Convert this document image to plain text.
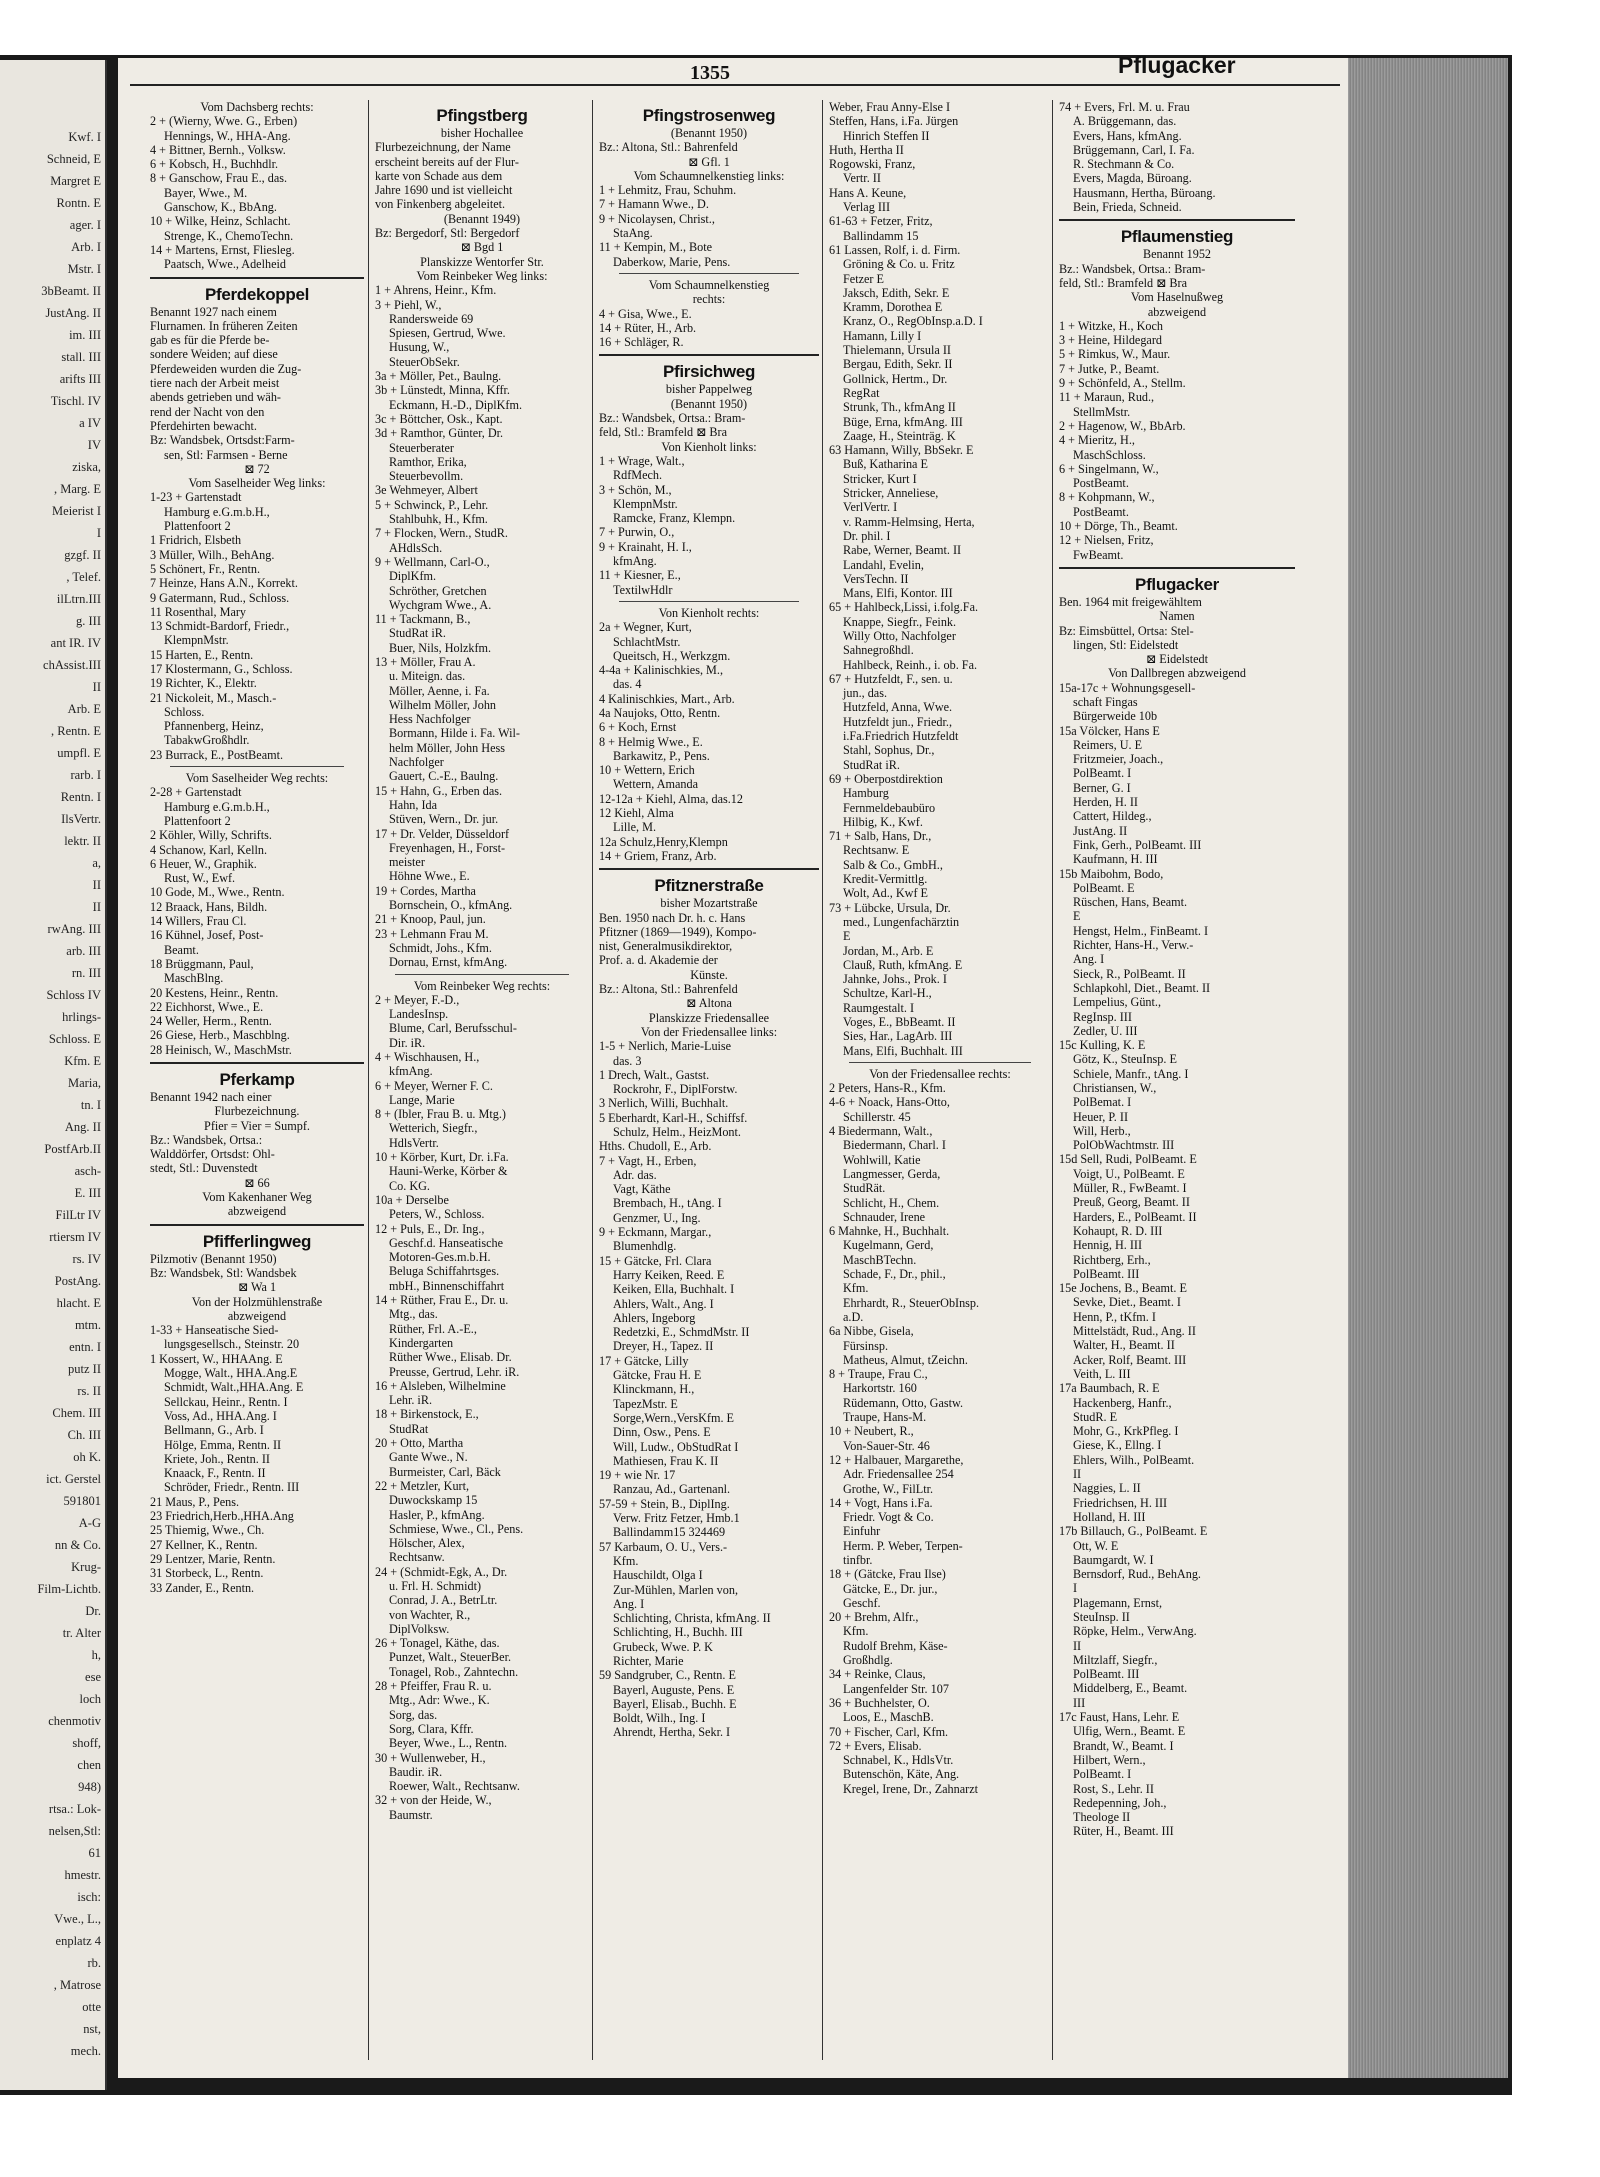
Kwf. I
Schneid, E
Margret E
Rontn. E
ager. I
Arb. I
Mstr. I
3bBeamt. II
JustAng. II
im. III
stall. III
arifts III
Tischl. IV
a IV
IV
ziska,
, Marg. E
Meierist I
I
gzgf. II
, Telef.
ilLtrn.III
g. III
ant IR. IV
chAssist.III
II
Arb. E
, Rentn. E
umpfl. E
rarb. I
Rentn. I
IlsVertr.
lektr. II
a,
II
II
rwAng. III
arb. III
rn. III
Schloss IV
hrlings-
Schloss. E
Kfm. E
Maria,
tn. I
Ang. II
PostfArb.II
asch-
E. III
FilLtr IV
rtiersm IV
rs. IV
PostAng.
hlacht. E
mtm.
entn. I
putz II
rs. II
Chem. III
Ch. III
oh K.
ict. Gerstel
591801
A-G
nn & Co.
Krug-
Film-Lichtb.
Dr.
tr. Alter
h,
ese
loch
chenmotiv
shoff,
chen
948)
rtsa.: Lok-
nelsen,Stl:
61
hmestr.
isch:
Vwe., L.,
enplatz 4
rb.
, Matrose
otte
nst,
mech.
1355	Pflugacker
Vom Dachsberg rechts:
2 + (Wierny, Wwe. G., Erben)
Hennings, W., HHA-Ang.
4 + Bittner, Bernh., Volksw.
6 + Kobsch, H., Buchhdlr.
8 + Ganschow, Frau E., das.
Bayer, Wwe., M.
Ganschow, K., BbAng.
10 + Wilke, Heinz, Schlacht.
Strenge, K., ChemoTechn.
14 + Martens, Ernst, Fliesleg.
Paatsch, Wwe., Adelheid
Pferdekoppel
Benannt 1927 nach einem
Flurnamen. In früheren Zeiten
gab es für die Pferde be-
sondere Weiden; auf diese
Pferdeweiden wurden die Zug-
tiere nach der Arbeit meist
abends getrieben und wäh-
rend der Nacht von den
Pferdehirten bewacht.
Bz: Wandsbek, Ortsdst:Farm-
sen, Stl: Farmsen - Berne
⊠ 72
Vom Saselheider Weg links:
1-23 + Gartenstadt
Hamburg e.G.m.b.H.,
Plattenfoort 2
1 Fridrich, Elsbeth
3 Müller, Wilh., BehAng.
5 Schönert, Fr., Rentn.
7 Heinze, Hans A.N., Korrekt.
9 Gatermann, Rud., Schloss.
11 Rosenthal, Mary
13 Schmidt-Bardorf, Friedr.,
KlempnMstr.
15 Harten, E., Rentn.
17 Klostermann, G., Schloss.
19 Richter, K., Elektr.
21 Nickoleit, M., Masch.-
Schloss.
Pfannenberg, Heinz,
TabakwGroßhdlr.
23 Burrack, E., PostBeamt.
Vom Saselheider Weg rechts:
2-28 + Gartenstadt
Hamburg e.G.m.b.H.,
Plattenfoort 2
2 Köhler, Willy, Schrifts.
4 Schanow, Karl, Kelln.
6 Heuer, W., Graphik.
Rust, W., Ewf.
10 Gode, M., Wwe., Rentn.
12 Braack, Hans, Bildh.
14 Willers, Frau Cl.
16 Kühnel, Josef, Post-
Beamt.
18 Brüggmann, Paul,
MaschBlng.
20 Kestens, Heinr., Rentn.
22 Eichhorst, Wwe., E.
24 Weller, Herm., Rentn.
26 Giese, Herb., Maschblng.
28 Heinisch, W., MaschMstr.
Pferkamp
Benannt 1942 nach einer
Flurbezeichnung.
Pfier = Vier = Sumpf.
Bz.: Wandsbek, Ortsa.:
Walddörfer, Ortsdst: Ohl-
stedt, Stl.: Duvenstedt
⊠ 66
Vom Kakenhaner Weg
abzweigend
Pfifferlingweg
Pilzmotiv (Benannt 1950)
Bz: Wandsbek, Stl: Wandsbek
⊠ Wa 1
Von der Holzmühlenstraße
abzweigend
1-33 + Hanseatische Sied-
lungsgesellsch., Steinstr. 20
1 Kossert, W., HHAAng. E
Mogge, Walt., HHA.Ang.E
Schmidt, Walt.,HHA.Ang. E
Sellckau, Heinr., Rentn. I
Voss, Ad., HHA.Ang. I
Bellmann, G., Arb. I
Hölge, Emma, Rentn. II
Kriete, Joh., Rentn. II
Knaack, F., Rentn. II
Schröder, Friedr., Rentn. III
21 Maus, P., Pens.
23 Friedrich,Herb.,HHA.Ang
25 Thiemig, Wwe., Ch.
27 Kellner, K., Rentn.
29 Lentzer, Marie, Rentn.
31 Storbeck, L., Rentn.
33 Zander, E., Rentn.
Pfingstberg
bisher Hochallee
Flurbezeichnung, der Name
erscheint bereits auf der Flur-
karte von Schade aus dem
Jahre 1690 und ist vielleicht
von Finkenberg abgeleitet.
(Benannt 1949)
Bz: Bergedorf, Stl: Bergedorf
⊠ Bgd 1
Planskizze Wentorfer Str.
Vom Reinbeker Weg links:
1 + Ahrens, Heinr., Kfm.
3 + Piehl, W.,
Randersweide 69
Spiesen, Gertrud, Wwe.
Husung, W.,
SteuerObSekr.
3a + Möller, Pet., Baulng.
3b + Lünstedt, Minna, Kffr.
Eckmann, H.-D., DiplKfm.
3c + Böttcher, Osk., Kapt.
3d + Ramthor, Günter, Dr.
Steuerberater
Ramthor, Erika,
Steuerbevollm.
3e Wehmeyer, Albert
5 + Schwinck, P., Lehr.
Stahlbuhk, H., Kfm.
7 + Flocken, Wern., StudR.
AHdlsSch.
9 + Wellmann, Carl-O.,
DiplKfm.
Schröther, Gretchen
Wychgram Wwe., A.
11 + Tackmann, B.,
StudRat iR.
Buer, Nils, Holzkfm.
13 + Möller, Frau A.
u. Miteign. das.
Möller, Aenne, i. Fa.
Wilhelm Möller, John
Hess Nachfolger
Bormann, Hilde i. Fa. Wil-
helm Möller, John Hess
Nachfolger
Gauert, C.-E., Baulng.
15 + Hahn, G., Erben das.
Hahn, Ida
Stüven, Wern., Dr. jur.
17 + Dr. Velder, Düsseldorf
Freyenhagen, H., Forst-
meister
Höhne Wwe., E.
19 + Cordes, Martha
Bornschein, O., kfmAng.
21 + Knoop, Paul, jun.
23 + Lehmann Frau M.
Schmidt, Johs., Kfm.
Dornau, Ernst, kfmAng.
Vom Reinbeker Weg rechts:
2 + Meyer, F.-D.,
LandesInsp.
Blume, Carl, Berufsschul-
Dir. iR.
4 + Wischhausen, H.,
kfmAng.
6 + Meyer, Werner F. C.
Lange, Marie
8 + (Ibler, Frau B. u. Mtg.)
Wetterich, Siegfr.,
HdlsVertr.
10 + Körber, Kurt, Dr. i.Fa.
Hauni-Werke, Körber &
Co. KG.
10a + Derselbe
Peters, W., Schloss.
12 + Puls, E., Dr. Ing.,
Geschf.d. Hanseatische
Motoren-Ges.m.b.H.
Beluga Schiffahrtsges.
mbH., Binnenschiffahrt
14 + Rüther, Frau E., Dr. u.
Mtg., das.
Rüther, Frl. A.-E.,
Kindergarten
Rüther Wwe., Elisab. Dr.
Preusse, Gertrud, Lehr. iR.
16 + Alsleben, Wilhelmine
Lehr. iR.
18 + Birkenstock, E.,
StudRat
20 + Otto, Martha
Gante Wwe., N.
Burmeister, Carl, Bäck
22 + Metzler, Kurt,
Duwockskamp 15
Hasler, P., kfmAng.
Schmiese, Wwe., Cl., Pens.
Hölscher, Alex,
Rechtsanw.
24 + (Schmidt-Egk, A., Dr.
u. Frl. H. Schmidt)
Conrad, J. A., BetrLtr.
von Wachter, R.,
DiplVolksw.
26 + Tonagel, Käthe, das.
Punzet, Walt., SteuerBer.
Tonagel, Rob., Zahntechn.
28 + Pfeiffer, Frau R. u.
Mtg., Adr: Wwe., K.
Sorg, das.
Sorg, Clara, Kffr.
Beyer, Wwe., L., Rentn.
30 + Wullenweber, H.,
Baudir. iR.
Roewer, Walt., Rechtsanw.
32 + von der Heide, W.,
Baumstr.
Pfingstrosenweg
(Benannt 1950)
Bz.: Altona, Stl.: Bahrenfeld
⊠ Gfl. 1
Vom Schaumnelkenstieg links:
1 + Lehmitz, Frau, Schuhm.
7 + Hamann Wwe., D.
9 + Nicolaysen, Christ.,
StaAng.
11 + Kempin, M., Bote
Daberkow, Marie, Pens.
Vom Schaumnelkenstieg
rechts:
4 + Gisa, Wwe., E.
14 + Rüter, H., Arb.
16 + Schläger, R.
Pfirsichweg
bisher Pappelweg
(Benannt 1950)
Bz.: Wandsbek, Ortsa.: Bram-
feld, Stl.: Bramfeld ⊠ Bra
Von Kienholt links:
1 + Wrage, Walt.,
RdfMech.
3 + Schön, M.,
KlempnMstr.
Ramcke, Franz, Klempn.
7 + Purwin, O.,
9 + Krainaht, H. I.,
kfmAng.
11 + Kiesner, E.,
TextilwHdlr
Von Kienholt rechts:
2a + Wegner, Kurt,
SchlachtMstr.
Queitsch, H., Werkzgm.
4-4a + Kalinischkies, M.,
das. 4
4 Kalinischkies, Mart., Arb.
4a Naujoks, Otto, Rentn.
6 + Koch, Ernst
8 + Helmig Wwe., E.
Barkawitz, P., Pens.
10 + Wettern, Erich
Wettern, Amanda
12-12a + Kiehl, Alma, das.12
12 Kiehl, Alma
Lille, M.
12a Schulz,Henry,Klempn
14 + Griem, Franz, Arb.
Pfitznerstraße
bisher Mozartstraße
Ben. 1950 nach Dr. h. c. Hans
Pfitzner (1869—1949), Kompo-
nist, Generalmusikdirektor,
Prof. a. d. Akademie der
Künste.
Bz.: Altona, Stl.: Bahrenfeld
⊠ Altona
Planskizze Friedensallee
Von der Friedensallee links:
1-5 + Nerlich, Marie-Luise
das. 3
1 Drech, Walt., Gastst.
Rockrohr, F., DiplForstw.
3 Nerlich, Willi, Buchhalt.
5 Eberhardt, Karl-H., Schiffsf.
Schulz, Helm., HeizMont.
Hths. Chudoll, E., Arb.
7 + Vagt, H., Erben,
Adr. das.
Vagt, Käthe
Brembach, H., tAng. I
Genzmer, U., Ing.
9 + Eckmann, Margar.,
Blumenhdlg.
15 + Gätcke, Frl. Clara
Harry Keiken, Reed. E
Keiken, Ella, Buchhalt. I
Ahlers, Walt., Ang. I
Ahlers, Ingeborg
Redetzki, E., SchmdMstr. II
Dreyer, H., Tapez. II
17 + Gätcke, Lilly
Gätcke, Frau H. E
Klinckmann, H.,
TapezMstr. E
Sorge,Wern.,VersKfm. E
Dinn, Osw., Pens. E
Will, Ludw., ObStudRat I
Mathiesen, Frau K. II
19 + wie Nr. 17
Ranzau, Ad., Gartenanl.
57-59 + Stein, B., DiplIng.
Verw. Fritz Fetzer, Hmb.1
Ballindamm15 324469
57 Karbaum, O. U., Vers.-
Kfm.
Hauschildt, Olga I
Zur-Mühlen, Marlen von,
Ang. I
Schlichting, Christa, kfmAng. II
Schlichting, H., Buchh. III
Grubeck, Wwe. P. K
Richter, Marie
59 Sandgruber, C., Rentn. E
Bayerl, Auguste, Pens. E
Bayerl, Elisab., Buchh. E
Boldt, Wilh., Ing. I
Ahrendt, Hertha, Sekr. I
Weber, Frau Anny-Else I
Steffen, Hans, i.Fa. Jürgen
Hinrich Steffen II
Huth, Hertha II
Rogowski, Franz,
Vertr. II
Hans A. Keune,
Verlag III
61-63 + Fetzer, Fritz,
Ballindamm 15
61 Lassen, Rolf, i. d. Firm.
Gröning & Co. u. Fritz
Fetzer E
Jaksch, Edith, Sekr. E
Kramm, Dorothea E
Kranz, O., RegObInsp.a.D. I
Hamann, Lilly I
Thielemann, Ursula II
Bergau, Edith, Sekr. II
Gollnick, Hertm., Dr.
RegRat
Strunk, Th., kfmAng II
Büge, Erna, kfmAng. III
Zaage, H., Steinträg. K
63 Hamann, Willy, BbSekr. E
Buß, Katharina E
Stricker, Kurt I
Stricker, Anneliese,
VerlVertr. I
v. Ramm-Helmsing, Herta,
Dr. phil. I
Rabe, Werner, Beamt. II
Landahl, Evelin,
VersTechn. II
Mans, Elfi, Kontor. III
65 + Hahlbeck,Lissi, i.folg.Fa.
Knappe, Siegfr., Feink.
Willy Otto, Nachfolger
Sahnegroßhdl.
Hahlbeck, Reinh., i. ob. Fa.
67 + Hutzfeldt, F., sen. u.
jun., das.
Hutzfeld, Anna, Wwe.
Hutzfeldt jun., Friedr.,
i.Fa.Friedrich Hutzfeldt
Stahl, Sophus, Dr.,
StudRat iR.
69 + Oberpostdirektion
Hamburg
Fernmeldebaubüro
Hilbig, K., Kwf.
71 + Salb, Hans, Dr.,
Rechtsanw. E
Salb & Co., GmbH.,
Kredit-Vermittlg.
Wolt, Ad., Kwf E
73 + Lübcke, Ursula, Dr.
med., Lungenfachärztin
E
Jordan, M., Arb. E
Clauß, Ruth, kfmAng. E
Jahnke, Johs., Prok. I
Schultze, Karl-H.,
Raumgestalt. I
Voges, E., BbBeamt. II
Sies, Har., LagArb. III
Mans, Elfi, Buchhalt. III
Von der Friedensallee rechts:
2 Peters, Hans-R., Kfm.
4-6 + Noack, Hans-Otto,
Schillerstr. 45
4 Biedermann, Walt.,
Biedermann, Charl. I
Wohlwill, Katie
Langmesser, Gerda,
StudRät.
Schlicht, H., Chem.
Schnauder, Irene
6 Mahnke, H., Buchhalt.
Kugelmann, Gerd,
MaschBTechn.
Schade, F., Dr., phil.,
Kfm.
Ehrhardt, R., SteuerObInsp.
a.D.
6a Nibbe, Gisela,
Fürsinsp.
Matheus, Almut, tZeichn.
8 + Traupe, Frau C.,
Harkortstr. 160
Rüdemann, Otto, Gastw.
Traupe, Hans-M.
10 + Neubert, R.,
Von-Sauer-Str. 46
12 + Halbauer, Margarethe,
Adr. Friedensallee 254
Grothe, W., FilLtr.
14 + Vogt, Hans i.Fa.
Friedr. Vogt & Co.
Einfuhr
Herm. P. Weber, Terpen-
tinfbr.
18 + (Gätcke, Frau Ilse)
Gätcke, E., Dr. jur.,
Geschf.
20 + Brehm, Alfr.,
Kfm.
Rudolf Brehm, Käse-
Großhdlg.
34 + Reinke, Claus,
Langenfelder Str. 107
36 + Buchhelster, O.
Loos, E., MaschB.
70 + Fischer, Carl, Kfm.
72 + Evers, Elisab.
Schnabel, K., HdlsVtr.
Butenschön, Käte, Ang.
Kregel, Irene, Dr., Zahnarzt
74 + Evers, Frl. M. u. Frau
A. Brüggemann, das.
Evers, Hans, kfmAng.
Brüggemann, Carl, I. Fa.
R. Stechmann & Co.
Evers, Magda, Büroang.
Hausmann, Hertha, Büroang.
Bein, Frieda, Schneid.
Pflaumenstieg
Benannt 1952
Bz.: Wandsbek, Ortsa.: Bram-
feld, Stl.: Bramfeld ⊠ Bra
Vom Haselnußweg
abzweigend
1 + Witzke, H., Koch
3 + Heine, Hildegard
5 + Rimkus, W., Maur.
7 + Jutke, P., Beamt.
9 + Schönfeld, A., Stellm.
11 + Maraun, Rud.,
StellmMstr.
2 + Hagenow, W., BbArb.
4 + Mieritz, H.,
MaschSchloss.
6 + Singelmann, W.,
PostBeamt.
8 + Kohpmann, W.,
PostBeamt.
10 + Dörge, Th., Beamt.
12 + Nielsen, Fritz,
FwBeamt.
Pflugacker
Ben. 1964 mit freigewähltem
Namen
Bz: Eimsbüttel, Ortsa: Stel-
lingen, Stl: Eidelstedt
⊠ Eidelstedt
Von Dallbregen abzweigend
15a-17c + Wohnungsgesell-
schaft Fingas
Bürgerweide 10b
15a Völcker, Hans E
Reimers, U. E
Fritzmeier, Joach.,
PolBeamt. I
Berner, G. I
Herden, H. II
Cattert, Hildeg.,
JustAng. II
Fink, Gerh., PolBeamt. III
Kaufmann, H. III
15b Maibohm, Bodo,
PolBeamt. E
Rüschen, Hans, Beamt.
E
Hengst, Helm., FinBeamt. I
Richter, Hans-H., Verw.-
Ang. I
Sieck, R., PolBeamt. II
Schlapkohl, Diet., Beamt. II
Lempelius, Günt.,
RegInsp. III
Zedler, U. III
15c Kulling, K. E
Götz, K., SteuInsp. E
Schiele, Manfr., tAng. I
Christiansen, W.,
PolBemat. I
Heuer, P. II
Will, Herb.,
PolObWachtmstr. III
15d Sell, Rudi, PolBeamt. E
Voigt, U., PolBeamt. E
Müller, R., FwBeamt. I
Preuß, Georg, Beamt. II
Harders, E., PolBeamt. II
Kohaupt, R. D. III
Hennig, H. III
Richtberg, Erh.,
PolBeamt. III
15e Jochens, B., Beamt. E
Sevke, Diet., Beamt. I
Henn, P., tKfm. I
Mittelstädt, Rud., Ang. II
Walter, H., Beamt. II
Acker, Rolf, Beamt. III
Veith, L. III
17a Baumbach, R. E
Hackenberg, Hanfr.,
StudR. E
Mohr, G., KrkPfleg. I
Giese, K., Ellng. I
Ehlers, Wilh., PolBeamt.
II
Naggies, L. II
Friedrichsen, H. III
Holland, H. III
17b Billauch, G., PolBeamt. E
Ott, W. E
Baumgardt, W. I
Bernsdorf, Rud., BehAng.
I
Plagemann, Ernst,
SteuInsp. II
Röpke, Helm., VerwAng.
II
Miltzlaff, Siegfr.,
PolBeamt. III
Middelberg, E., Beamt.
III
17c Faust, Hans, Lehr. E
Ulfig, Wern., Beamt. E
Brandt, W., Beamt. I
Hilbert, Wern.,
PolBeamt. I
Rost, S., Lehr. II
Redepenning, Joh.,
Theologe II
Rüter, H., Beamt. III
